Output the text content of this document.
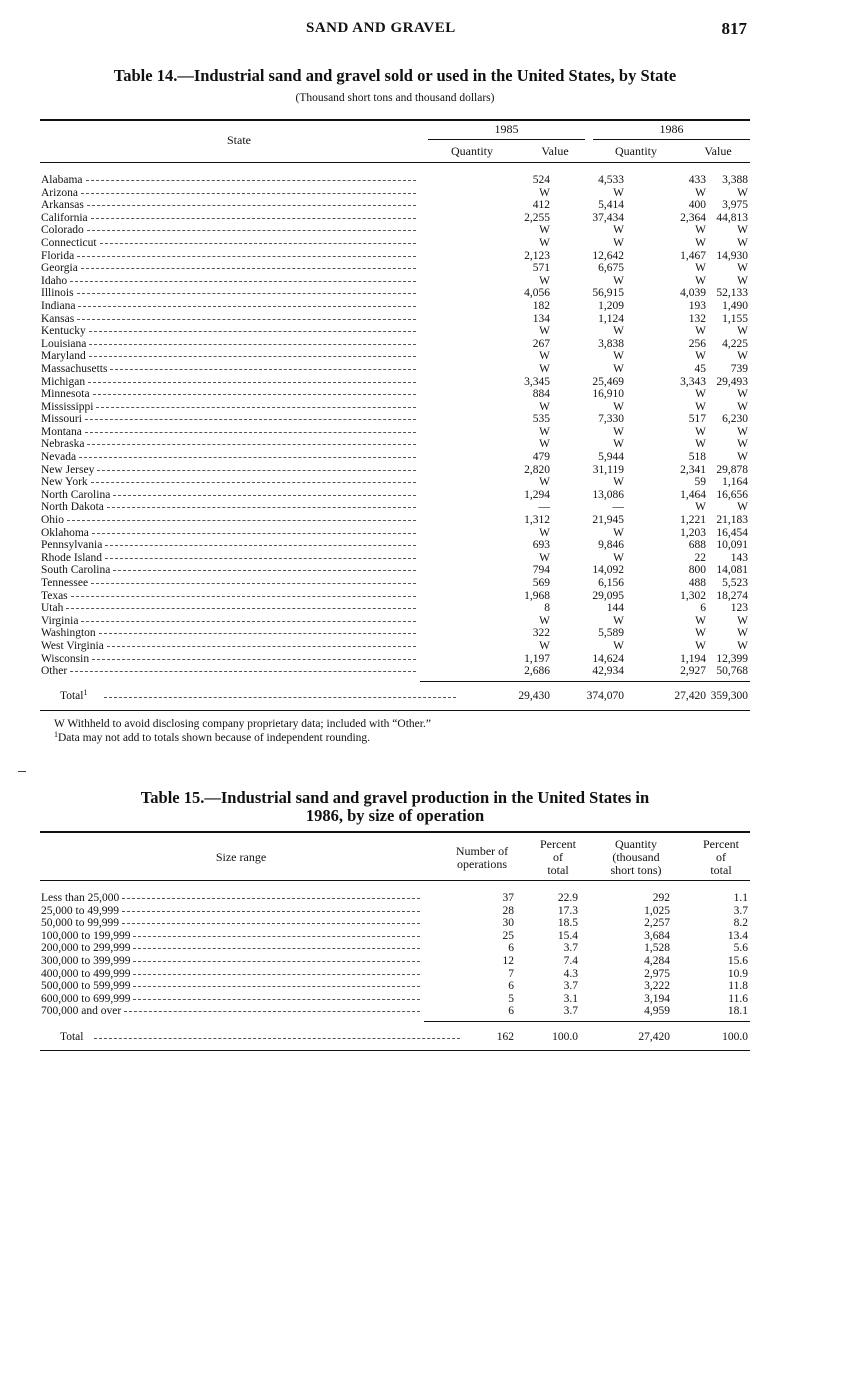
SAND AND GRAVEL	817
Table 14.—Industrial sand and gravel sold or used in the United States, by State
(Thousand short tons and thousand dollars)
State
1985	1986
Quantity	Value	Quantity	Value
Alabama	524	4,533	433	3,388
Arizona	W	W	W	W
Arkansas	412	5,414	400	3,975
California	2,255	37,434	2,364 44,813
Colorado	W	W	W	W
Connecticut	W	W	W	W
Florida	2,123	12,642	1,467 14,930
Georgia	571	6,675	W	W
Idaho	W	W	W	W
Illinois	4,056	56,915	4,039 52,133
Indiana	182	1,209	193	1,490
Kansas	134	1,124	132	1,155
Kentucky	W	W	W	W
Louisiana	267	3,838	256	4,225
Maryland	W	W	W	W
Massachusetts	W	W	45	739
Michigan	3,345	25,469	3,343 29,493
Minnesota	884	16,910	W	W
Mississippi	W	W	W	W
Missouri	535	7,330	517	6,230
Montana	W	W	W	W
Nebraska	W	W	W	W
Nevada	479	5,944	518	W
New Jersey	2,820	31,119	2,341 29,878
New York	W	W	59	1,164
North Carolina	1,294	13,086	1,464 16,656
North Dakota	—	—	W	W
Ohio	1,312	21,945	1,221 21,183
Oklahoma	W	W	1,203 16,454
Pennsylvania	693	9,846	688 10,091
Rhode Island	W	W	22	143
South Carolina	794	14,092	800 14,081
Tennessee	569	6,156	488	5,523
Texas	1,968	29,095	1,302 18,274
Utah	8	144	6	123
Virginia	W	W	W	W
Washington	322	5,589	W	W
West Virginia	W	W	W	W
Wisconsin	1,197	14,624	1,194 12,399
Other	2,686	42,934	2,927 50,768
Total$^1$	29,430	374,070	27,420 359,300
W Withheld to avoid disclosing company proprietary data; included with “Other.”
$^1$Data may not add to totals shown because of independent rounding.
Table 15.—Industrial sand and gravel production in the United States in
1986, by size of operation
Size range	Number of
operations
Percent
of
total
Quantity
(thousand
short tons)
Percent
of
total
Less than 25,000	37	22.9	292	1.1
25,000 to 49,999	28	17.3	1,025	3.7
50,000 to 99,999	30	18.5	2,257	8.2
100,000 to 199,999	25	15.4	3,684	13.4
200,000 to 299,999	6	3.7	1,528	5.6
300,000 to 399,999	12	7.4	4,284	15.6
400,000 to 499,999	7	4.3	2,975	10.9
500,000 to 599,999	6	3.7	3,222	11.8
600,000 to 699,999	5	3.1	3,194	11.6
700,000 and over	6	3.7	4,959	18.1
Total	162	100.0	27,420	100.0
